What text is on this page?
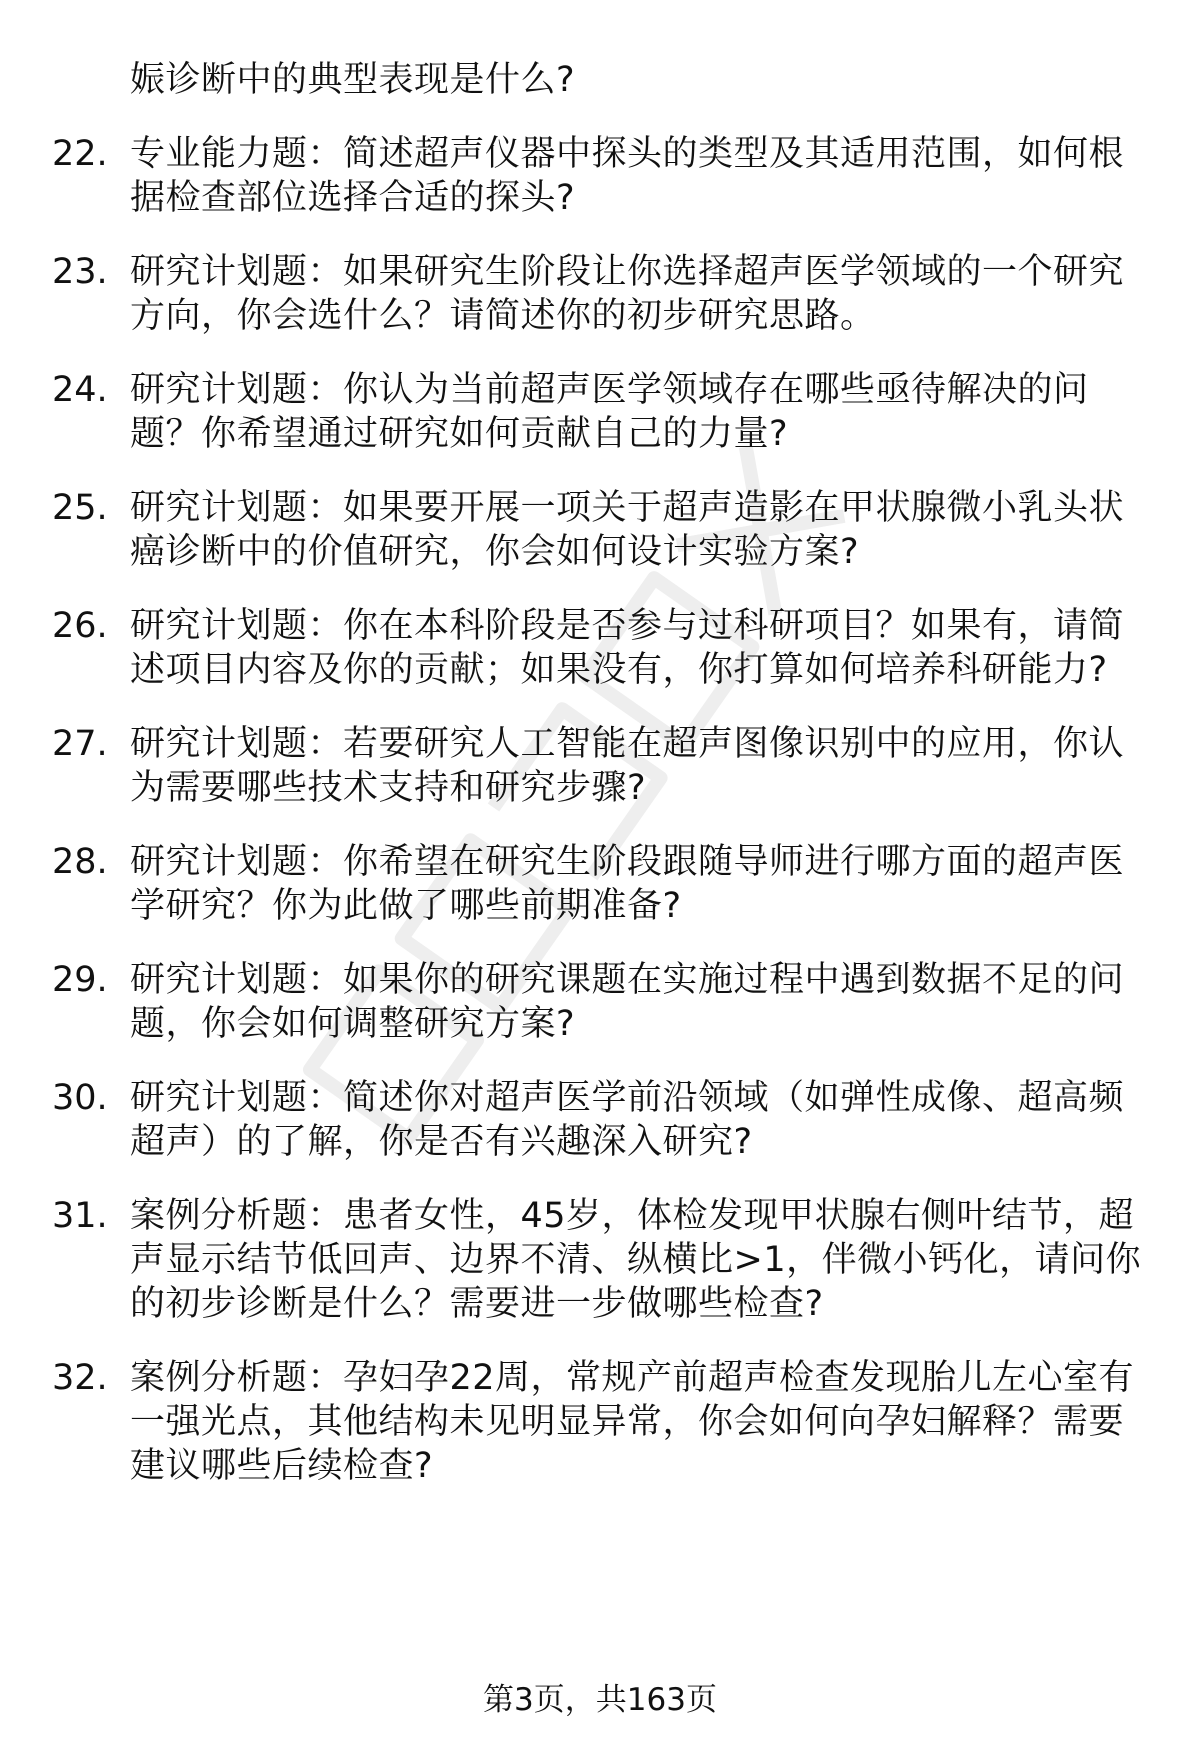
娠诊断中的典型表现是什么?
22. 专业能力题：简述超声仪器中探头的类型及其适用范围，如何根
据检查部位选择合适的探头?
23. 研究计划题：如果研究生阶段让你选择超声医学领域的一个研究
方向，你会选什么？请简述你的初步研究思路。
24. 研究计划题：你认为当前超声医学领域存在哪些亟待解决的问
题？你希望通过研究如何贡献自己的力量?
25. 研究计划题：如果要开展一项关于超声造影在甲状腺微小乳头状
癌诊断中的价值研究，你会如何设计实验方案?
26. 研究计划题：你在本科阶段是否参与过科研项目？如果有，请简
述项目内容及你的贡献；如果没有，你打算如何培养科研能力?
27. 研究计划题：若要研究人工智能在超声图像识别中的应用，你认
为需要哪些技术支持和研究步骤?
28. 研究计划题：你希望在研究生阶段跟随导师进行哪方面的超声医
学研究？你为此做了哪些前期准备?
29. 研究计划题：如果你的研究课题在实施过程中遇到数据不足的问
题，你会如何调整研究方案?
30. 研究计划题：简述你对超声医学前沿领域（如弹性成像、超高频
超声）的了解，你是否有兴趣深入研究?
31. 案例分析题：患者女性，45岁，体检发现甲状腺右侧叶结节，超
声显示结节低回声、边界不清、纵横比>1，伴微小钙化，请问你
的初步诊断是什么？需要进一步做哪些检查?
32. 案例分析题：孕妇孕22周，常规产前超声检查发现胎儿左心室有
一强光点，其他结构未见明显异常，你会如何向孕妇解释？需要
建议哪些后续检查?
第3页，共163页
